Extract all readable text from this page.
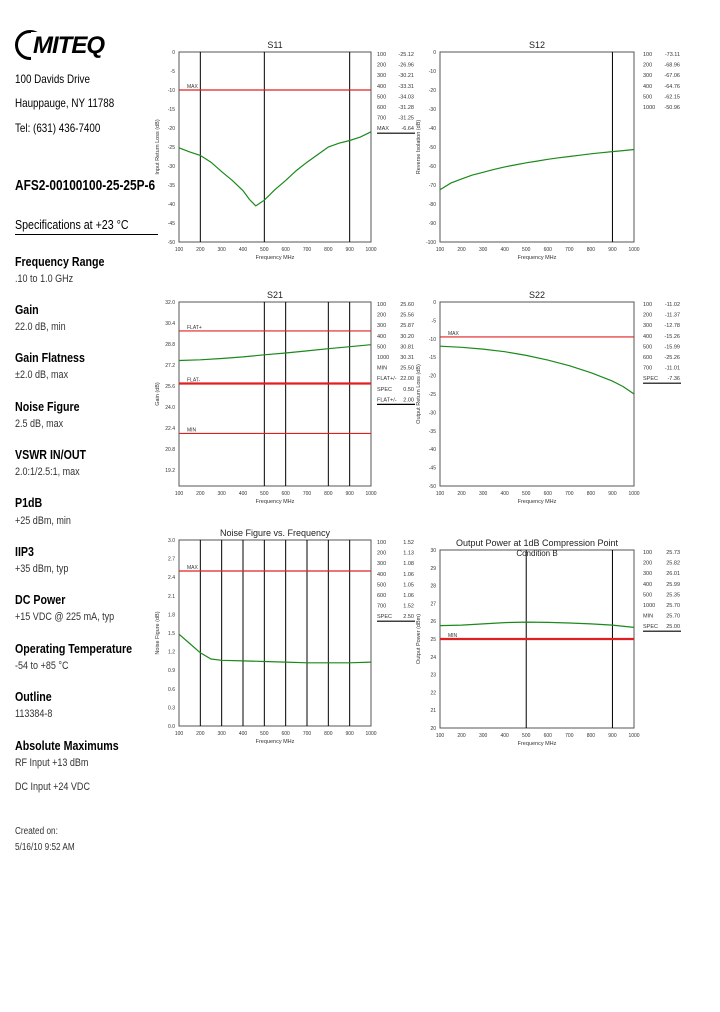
MITEQ
100 Davids Drive
Hauppauge, NY 11788
Tel: (631) 436-7400
AFS2-00100100-25-25P-6
Specifications at +23 °C
Frequency Range
.10 to 1.0 GHz
Gain
22.0 dB, min
Gain Flatness
±2.0 dB, max
Noise Figure
2.5 dB, max
VSWR IN/OUT
2.0:1/2.5:1, max
P1dB
+25 dBm, min
IIP3
+35 dBm, typ
DC Power
+15 VDC @ 225 mA, typ
Operating Temperature
-54 to +85 °C
Outline
113384-8
Absolute Maximums
RF Input +13 dBm
DC Input +24 VDC
Created on:
5/16/10 9:52 AM
S11
0
-5
-10
-15
-20
-25
-30
-35
-40
-45
-50
100	200	300	400	500	600	700	800	900 1000
Frequency MHz
Input Return Loss (dB)
MAX
100 -25.12
200 -26.96
300 -30.21
400 -33.31
500 -34.03
600 -31.28
700 -31.25
MAX -6.64
S12
0
-10
-20
-30
-40
-50
-60
-70
-80
-90
-100
100	200	300	400	500	600	700	800	900 1000
Frequency MHz
Reverse Isolation (dB)
100 -73.11
200 -68.96
300 -67.06
400 -64.76
500 -62.15
1000 -50.96
S21
32.0
30.4
28.8
27.2
25.6
24.0
22.4
20.8
19.2
100	200	300	400	500	600	700	800	900 1000
Frequency MHz
Gain (dB)
FLAT+
FLAT-
MIN
100	25.60
200	25.56
300	25.87
400	30.20
500	30.81
1000 30.31
MIN 25.50
FLAT+/- 22.00
SPEC 0.50
FLAT+/- 2.00
S22
0
-5
-10
-15
-20
-25
-30
-35
-40
-45
-50
100	200	300	400	500	600	700	800	900 1000
Frequency MHz
Output Return Loss (dB)
MAX
100 -11.02
200 -11.37
300 -12.78
400 -15.26
500 -15.99
600 -25.26
700 -11.01
SPEC -7.36
Noise Figure vs. Frequency
3.0
2.7
2.4
2.1
1.8
1.5
1.2
0.9
0.6
0.3
0.0
100	200	300	400	500	600	700	800	900 1000
Frequency MHz
Noise Figure (dB)
MAX
100	1.52
200	1.13
300	1.08
400	1.06
500	1.05
600	1.06
700	1.52
SPEC 2.50
Output Power at 1dB Compression Point
Condition B
30
29
28
27
26
25
24
23
22
21
20
100	200	300	400	500	600	700	800	900 1000
Frequency MHz
Output Power (dBm)	MIN
100	25.73
200	25.82
300	26.01
400	25.99
500	25.35
1000 25.70
MIN 25.70
SPEC 25.00
